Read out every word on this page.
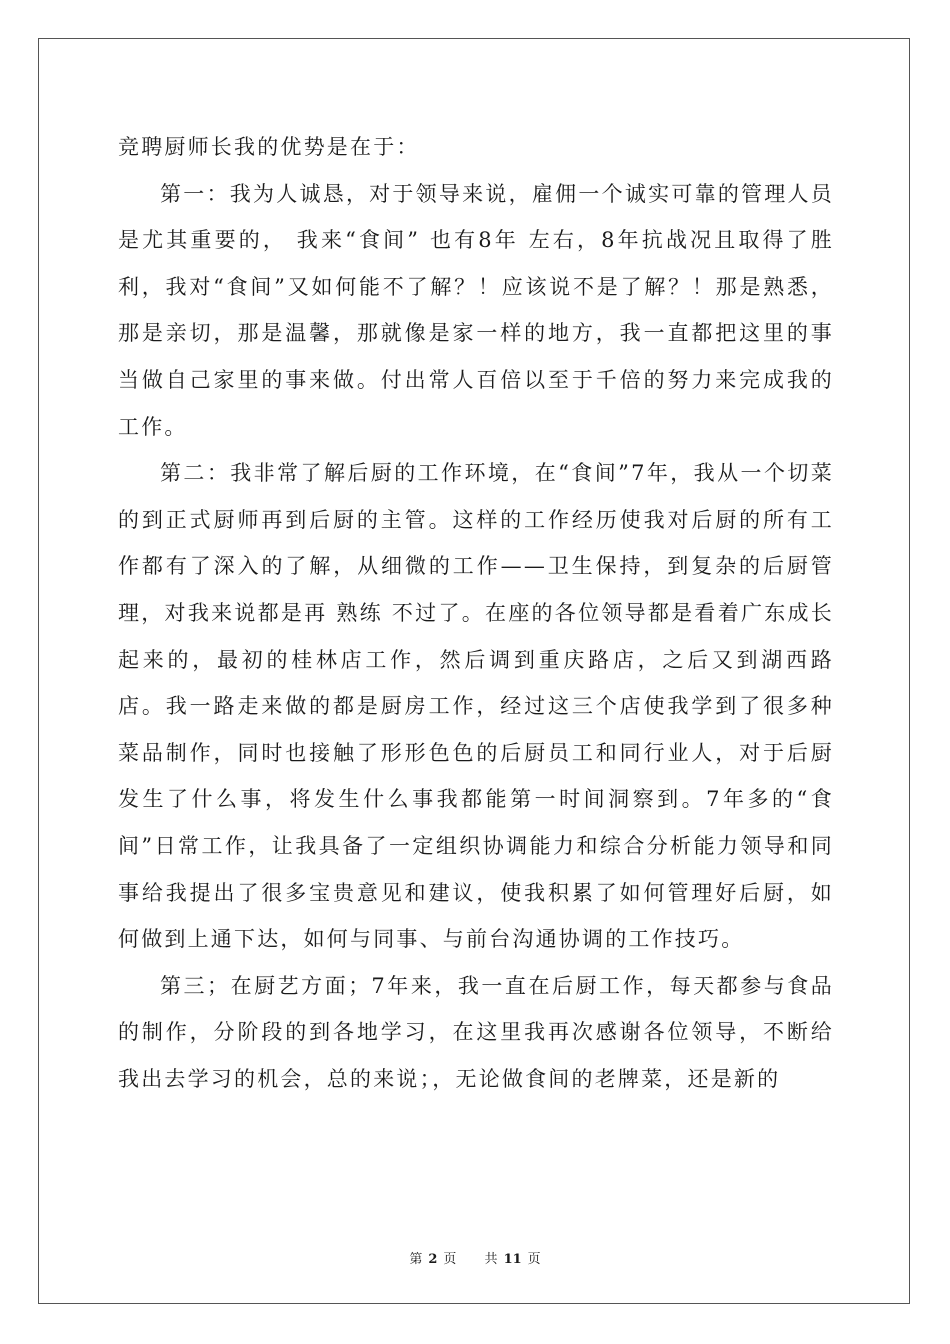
竞聘厨师长我的优势是在于：

第一：我为人诚恳，对于领导来说，雇佣一个诚实可靠的管理人员是尤其重要的， 我来“食间” 也有8年 左右，8年抗战况且取得了胜利，我对“食间”又如何能不了解？！应该说不是了解？！那是熟悉，那是亲切，那是温馨，那就像是家一样的地方，我一直都把这里的事当做自己家里的事来做。付出常人百倍以至于千倍的努力来完成我的工作。

第二：我非常了解后厨的工作环境，在“食间”7年，我从一个切菜的到正式厨师再到后厨的主管。这样的工作经历使我对后厨的所有工作都有了深入的了解，从细微的工作——卫生保持，到复杂的后厨管理，对我来说都是再 熟练 不过了。在座的各位领导都是看着广东成长起来的，最初的桂林店工作，然后调到重庆路店，之后又到湖西路店。我一路走来做的都是厨房工作，经过这三个店使我学到了很多种菜品制作，同时也接触了形形色色的后厨员工和同行业人，对于后厨发生了什么事，将发生什么事我都能第一时间洞察到。7年多的“食间”日常工作，让我具备了一定组织协调能力和综合分析能力领导和同事给我提出了很多宝贵意见和建议，使我积累了如何管理好后厨，如何做到上通下达，如何与同事、与前台沟通协调的工作技巧。

第三；在厨艺方面；7年来，我一直在后厨工作，每天都参与食品的制作，分阶段的到各地学习，在这里我再次感谢各位领导，不断给我出去学习的机会，总的来说；，无论做食间的老牌菜，还是新的

第 2 页 共 11 页
